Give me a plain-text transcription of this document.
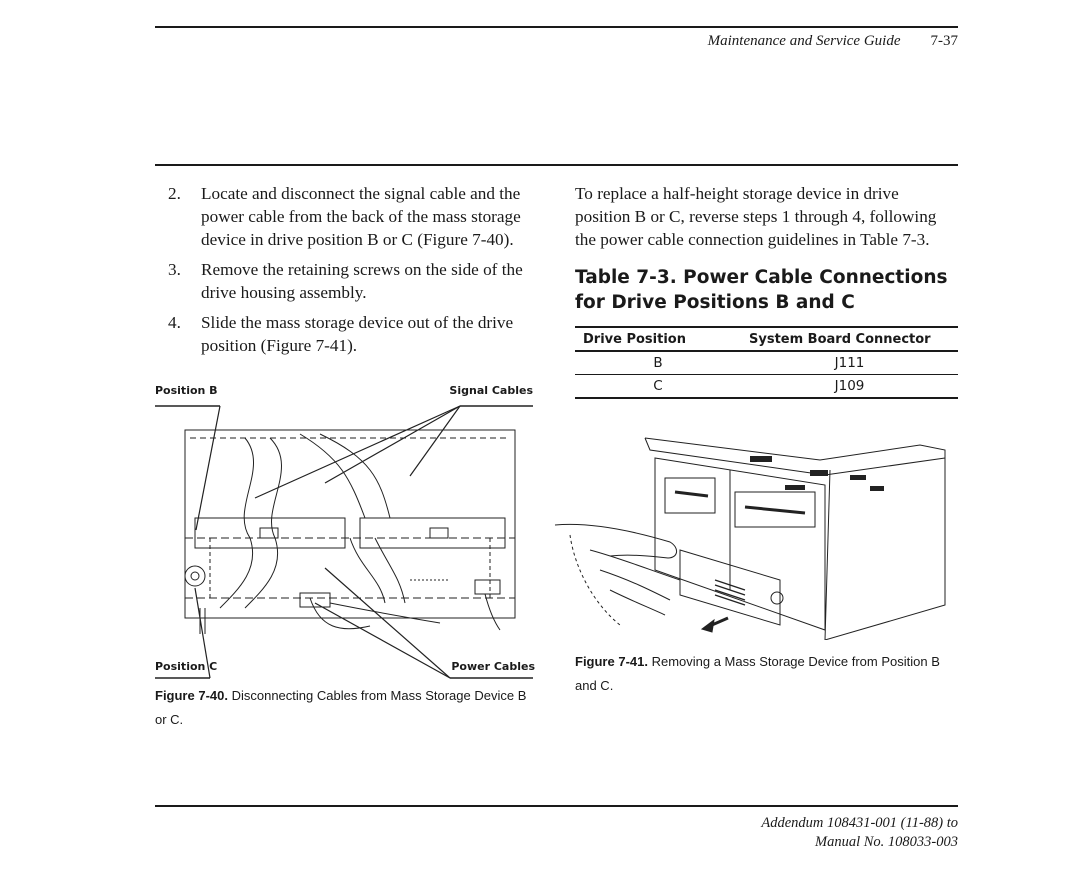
Maintenance and Service Guide 7-37
2. Locate and disconnect the signal cable and the power cable from the back of the mass storage device in drive position B or C (Figure 7-40).
3. Remove the retaining screws on the side of the drive housing assembly.
4. Slide the mass storage device out of the drive position (Figure 7-41).
Position B	Signal Cables
Position C	Power Cables
Figure 7-40. Disconnecting Cables from Mass Storage Device B or C.

To replace a half-height storage device in drive position B or C, reverse steps 1 through 4, following the power cable connection guidelines in Table 7-3.

Table 7-3. Power Cable Connections for Drive Positions B and C
Drive Position	System Board Connector
B	J111
C	J109
Figure 7-41. Removing a Mass Storage Device from Position B and C.
Addendum 108431-001 (11-88) to
Manual No. 108033-003
